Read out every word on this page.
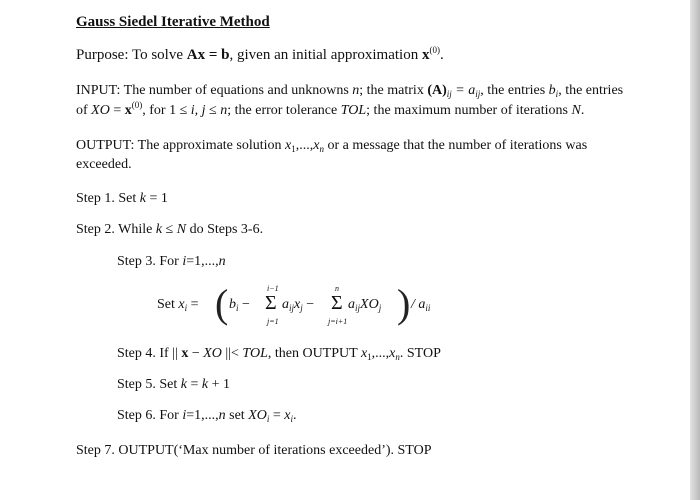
Gauss Siedel Iterative Method
Purpose: To solve Ax = b, given an initial approximation $x^{(0)}$.
INPUT: The number of equations and unknowns n; the matrix $(A)_{ij} = a_{ij}$, the entries $b_i$, the entries
of XO = $x^{(0)}$, for 1 ≤ i, j ≤ n; the error tolerance TOL; the maximum number of iterations N.
OUTPUT: The approximate solution $x_1,...,x_n$ or a message that the number of iterations was
exceeded.
Step 1. Set k = 1
Step 2. While k ≤ N do Steps 3-6.
Step 3. For i=1,...,n
Set $x_i$ = ( $b_i$ −
i−1
Σ
j=1
$a_{ij}x_j$ −
n
Σ
j=i+1
$a_{ij}XO_j$ ) / $a_{ii}$
Step 4. If || x − XO ||< TOL, then OUTPUT $x_1,...,x_n$. STOP
Step 5. Set k = k + 1
Step 6. For i=1,...,n set $XO_i = x_i$.
Step 7. OUTPUT(‘Max number of iterations exceeded’). STOP
